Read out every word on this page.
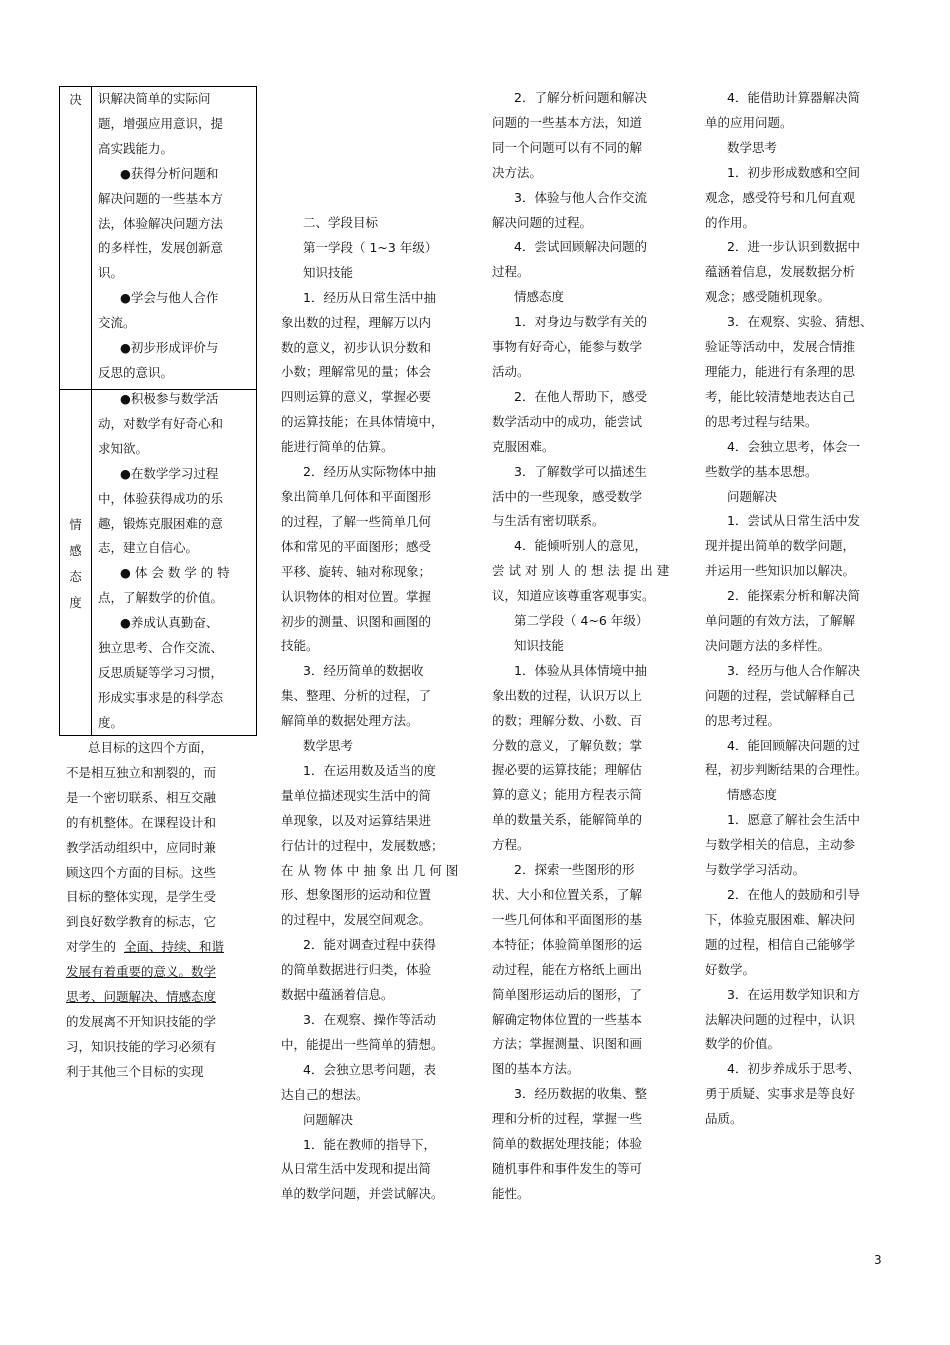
决	识解决简单的实际问

题，增强应用意识，提

高实践能力。

●获得分析问题和

解决问题的一些基本方

法，体验解决问题方法

的多样性，发展创新意

识。

●学会与他人合作

交流。

●初步形成评价与

反思的意识。

情
感
态
度

●积极参与数学活

动，对数学有好奇心和

求知欲。

●在数学学习过程

中，体验获得成功的乐

趣，锻炼克服困难的意

志，建立自信心。

● 体 会 数 学 的 特

点，了解数学的价值。

●养成认真勤奋、

独立思考、合作交流、

反思质疑等学习习惯，

形成实事求是的科学态

度。

总目标的这四个方面，

不是相互独立和割裂的，而

是一个密切联系、相互交融

的有机整体。在课程设计和

教学活动组织中，应同时兼

顾这四个方面的目标。这些

目标的整体实现，是学生受

到良好数学教育的标志，它

对学生的 全面、持续、和谐

发展有着重要的意义。数学

思考、问题解决、情感态度

的发展离不开知识技能的学

习，知识技能的学习必须有

利于其他三个目标的实现

二、学段目标

第一学段（ 1~3 年级）

知识技能

1．经历从日常生活中抽

象出数的过程，理解万以内

数的意义，初步认识分数和

小数；理解常见的量；体会

四则运算的意义，掌握必要

的运算技能；在具体情境中，

能进行简单的估算。

2．经历从实际物体中抽

象出简单几何体和平面图形

的过程，了解一些简单几何

体和常见的平面图形；感受

平移、旋转、轴对称现象；

认识物体的相对位置。掌握

初步的测量、识图和画图的

技能。

3．经历简单的数据收

集、整理、分析的过程，了

解简单的数据处理方法。

数学思考

1．在运用数及适当的度

量单位描述现实生活中的简

单现象，以及对运算结果进

行估计的过程中，发展数感；

在 从 物 体 中 抽 象 出 几 何 图

形、想象图形的运动和位置

的过程中，发展空间观念。

2．能对调查过程中获得

的简单数据进行归类，体验

数据中蕴涵着信息。

3．在观察、操作等活动

中，能提出一些简单的猜想。

4．会独立思考问题，表

达自己的想法。

问题解决

1．能在教师的指导下，

从日常生活中发现和提出简

单的数学问题，并尝试解决。

2．了解分析问题和解决

问题的一些基本方法，知道

同一个问题可以有不同的解

决方法。

3．体验与他人合作交流

解决问题的过程。

4．尝试回顾解决问题的

过程。

情感态度

1．对身边与数学有关的

事物有好奇心，能参与数学

活动。

2．在他人帮助下，感受

数学活动中的成功，能尝试

克服困难。

3．了解数学可以描述生

活中的一些现象，感受数学

与生活有密切联系。

4．能倾听别人的意见，

尝 试 对 别 人 的 想 法 提 出 建

议，知道应该尊重客观事实。

第二学段（ 4~6 年级）

知识技能

1．体验从具体情境中抽

象出数的过程，认识万以上

的数；理解分数、小数、百

分数的意义，了解负数；掌

握必要的运算技能；理解估

算的意义；能用方程表示简

单的数量关系，能解简单的

方程。

2．探索一些图形的形

状、大小和位置关系，了解

一些几何体和平面图形的基

本特征；体验简单图形的运

动过程，能在方格纸上画出

简单图形运动后的图形，了

解确定物体位置的一些基本

方法；掌握测量、识图和画

图的基本方法。

3．经历数据的收集、整

理和分析的过程，掌握一些

简单的数据处理技能；体验

随机事件和事件发生的等可

能性。

4．能借助计算器解决简

单的应用问题。

数学思考

1．初步形成数感和空间

观念，感受符号和几何直观

的作用。

2．进一步认识到数据中

蕴涵着信息，发展数据分析

观念；感受随机现象。

3．在观察、实验、猜想、

验证等活动中，发展合情推

理能力，能进行有条理的思

考，能比较清楚地表达自己

的思考过程与结果。

4．会独立思考，体会一

些数学的基本思想。

问题解决

1．尝试从日常生活中发

现并提出简单的数学问题，

并运用一些知识加以解决。

2．能探索分析和解决简

单问题的有效方法，了解解

决问题方法的多样性。

3．经历与他人合作解决

问题的过程，尝试解释自己

的思考过程。

4．能回顾解决问题的过

程，初步判断结果的合理性。

情感态度

1．愿意了解社会生活中

与数学相关的信息，主动参

与数学学习活动。

2．在他人的鼓励和引导

下，体验克服困难、解决问

题的过程，相信自己能够学

好数学。

3．在运用数学知识和方

法解决问题的过程中，认识

数学的价值。

4．初步养成乐于思考、

勇于质疑、实事求是等良好

品质。

3
